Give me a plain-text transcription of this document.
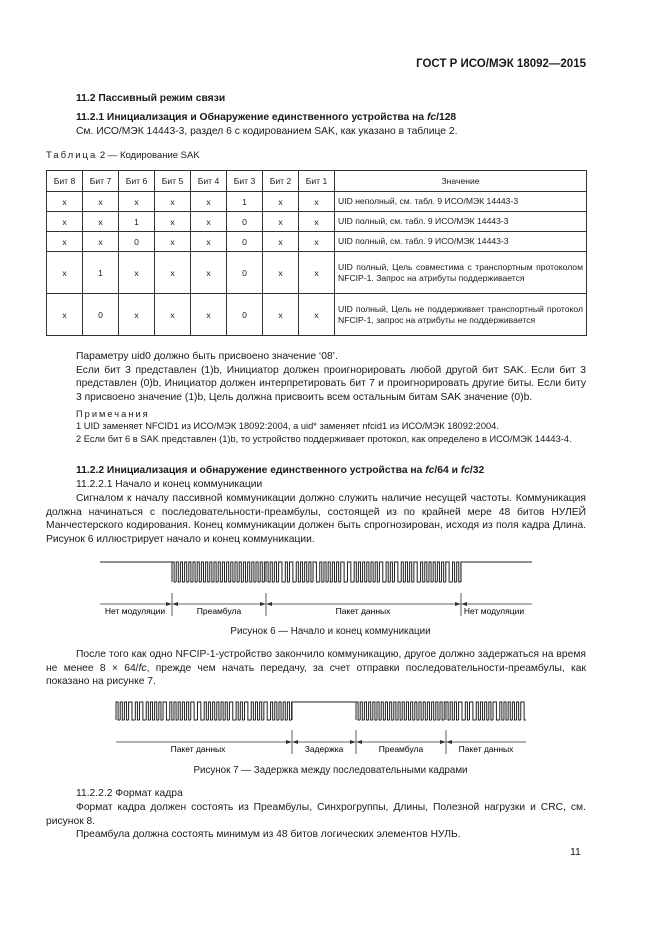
ГОСТ Р ИСО/МЭК 18092—2015

11.2 Пассивный режим связи

11.2.1 Инициализация и Обнаружение единственного устройства на fc/128

См. ИСО/МЭК 14443-3, раздел 6 с кодированием SAK, как указано в таблице 2.

Таблица 2 — Кодирование SAK
Бит 8	Бит 7	Бит 6	Бит 5	Бит 4	Бит 3	Бит 2	Бит 1	Значение
x	x	x	x	x	1	x	x	UID неполный, см. табл. 9 ИСО/МЭК 14443-3
x	x	1	x	x	0	x	x	UID полный, см. табл. 9 ИСО/МЭК 14443-3
x	x	0	x	x	0	x	x	UID полный, см. табл. 9 ИСО/МЭК 14443-3
x	1	x	x	x	0	x	x	UID полный, Цель совместима с транспортным протоколом NFCIP-1. Запрос на атрибуты поддерживается
x	0	x	x	x	0	x	x	UID полный, Цель не поддерживает транспортный протокол NFCIP-1, запрос на атрибуты не поддерживается

Параметру uid0 должно быть присвоено значение ‘08’.

Если бит 3 представлен (1)b, Инициатор должен проигнорировать любой другой бит SAK. Если бит 3 представлен (0)b, Инициатор должен интерпретировать бит 7 и проигнорировать другие биты. Если биту 3 присвоено значение (1)b, Цель должна присвоить всем остальным битам SAK значение (0)b.

Примечания

1 UID заменяет NFCID1 из ИСО/МЭК 18092:2004, а uid* заменяет nfcid1 из ИСО/МЭК 18092:2004.

2 Если бит 6 в SAK представлен (1)b, то устройство поддерживает протокол, как определено в ИСО/МЭК 14443-4.

11.2.2 Инициализация и обнаружение единственного устройства на fc/64 и fc/32

11.2.2.1 Начало и конец коммуникации

Сигналом к началу пассивной коммуникации должно служить наличие несущей частоты. Коммуникация должна начинаться с последовательности-преамбулы, состоящей из по крайней мере 48 битов НУЛЕЙ Манчестерского кодирования. Конец коммуникации должен быть спрогнозирован, исходя из поля кадра Длина. Рисунок 6 иллюстрирует начало и конец коммуникации.

Нет модуляции	Преамбула	Пакет данных	Нет модуляции
Рисунок 6 — Начало и конец коммуникации

После того как одно NFCIP-1-устройство закончило коммуникацию, другое должно задержаться на время не менее 8 × 64/fc, прежде чем начать передачу, за счет отправки последовательности-преамбулы, как показано на рисунке 7.

Пакет данных	Задержка	Преамбула	Пакет данных
Рисунок 7 — Задержка между последовательными кадрами

11.2.2.2 Формат кадра

Формат кадра должен состоять из Преамбулы, Синхрогруппы, Длины, Полезной нагрузки и CRC, см. рисунок 8.

Преамбула должна состоять минимум из 48 битов логических элементов НУЛЬ.

11
